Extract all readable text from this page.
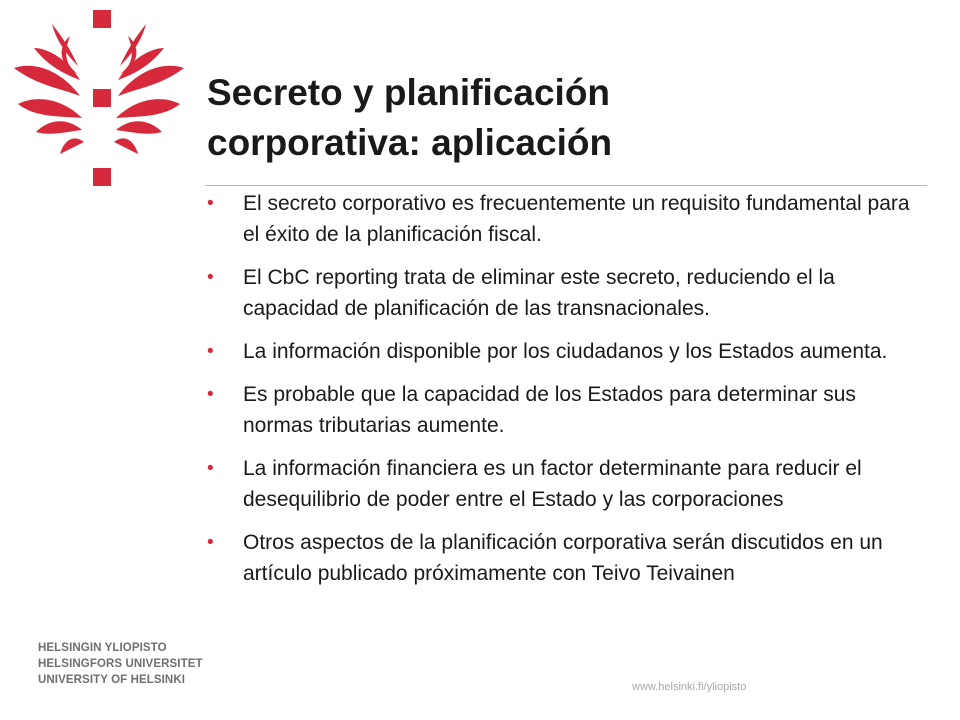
Secreto y planificación
corporativa: aplicación
• El secreto corporativo es frecuentemente un requisito fundamental para el éxito de la planificación fiscal.
• El CbC reporting trata de eliminar este secreto, reduciendo el la capacidad de planificación de las transnacionales.
• La información disponible por los ciudadanos y los Estados aumenta.
• Es probable que la capacidad de los Estados para determinar sus normas tributarias aumente.
• La información financiera es un factor determinante para reducir el desequilibrio de poder entre el Estado y las corporaciones
• Otros aspectos de la planificación corporativa serán discutidos en un artículo publicado próximamente con Teivo Teivainen
HELSINGIN YLIOPISTO
HELSINGFORS UNIVERSITET
UNIVERSITY OF HELSINKI
www.helsinki.fi/yliopisto
